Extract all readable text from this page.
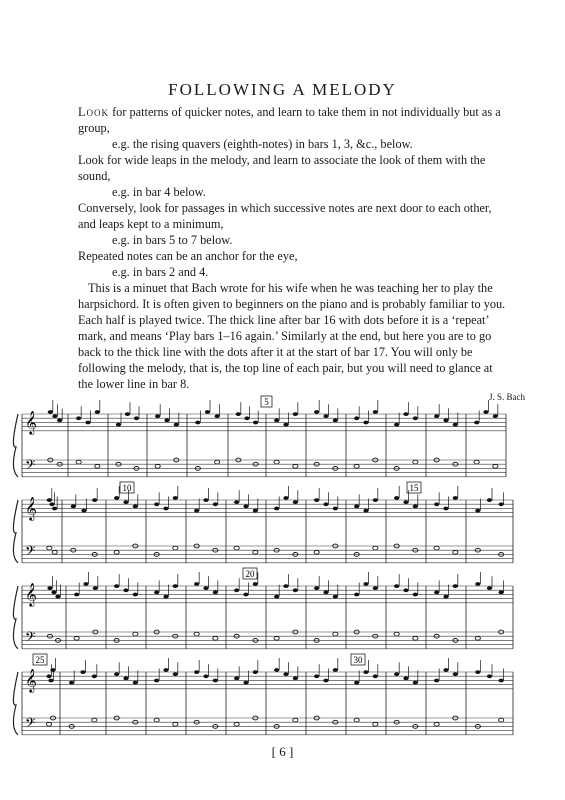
FOLLOWING A MELODY

Look for patterns of quicker notes, and learn to take them in not individually but as a group,

e.g. the rising quavers (eighth-notes) in bars 1, 3, &c., below.

Look for wide leaps in the melody, and learn to associate the look of them with the sound,

e.g. in bar 4 below.

Conversely, look for passages in which successive notes are next door to each other, and leaps kept to a minimum,

e.g. in bars 5 to 7 below.

Repeated notes can be an anchor for the eye,

e.g. in bars 2 and 4.

This is a minuet that Bach wrote for his wife when he was teaching her to play the harpsichord. It is often given to beginners on the piano and is probably familiar to you. Each half is played twice. The thick line after bar 16 with dots before it is a ‘repeat’ mark, and means ‘Play bars 1–16 again.’ Similarly at the end, but here you are to go back to the thick line with the dots after it at the start of bar 17. You will only be following the melody, that is, the top line of each pair, but you will need to glance at the lower line in bar 8.

J. S. Bach
𝄞
𝄢
𝄞
𝄢
𝄞
𝄢
𝄞
𝄢
5
10	15
20
25	30
[ 6 ]
